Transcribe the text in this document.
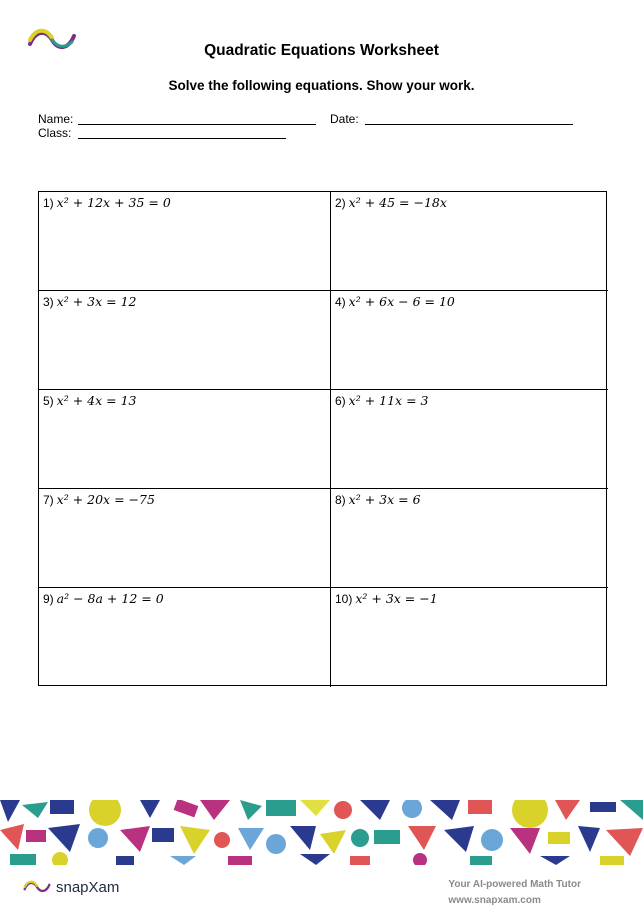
Quadratic Equations Worksheet
Solve the following equations. Show your work.
Name:	Date:
Class:
1) x² + 12x + 35 = 0	2) x² + 45 = −18x
3) x² + 3x = 12	4) x² + 6x − 6 = 10
5) x² + 4x = 13	6) x² + 11x = 3
7) x² + 20x = −75	8) x² + 3x = 6
9) a² − 8a + 12 = 0	10) x² + 3x = −1
snapXam	Your AI-powered Math Tutor
www.snapxam.com
